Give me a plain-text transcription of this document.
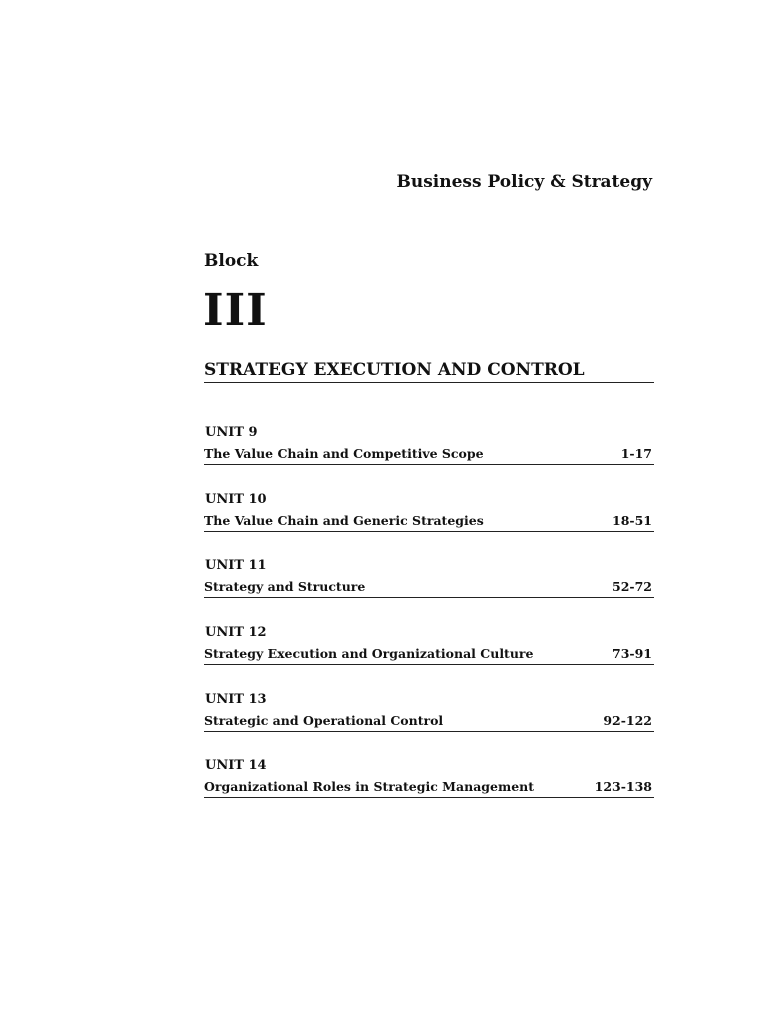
Business Policy & Strategy
Block
III
STRATEGY EXECUTION AND CONTROL
UNIT 9
The Value Chain and Competitive Scope	1-17
UNIT 10
The Value Chain and Generic Strategies	18-51
UNIT 11
Strategy and Structure	52-72
UNIT 12
Strategy Execution and Organizational Culture	73-91
UNIT 13
Strategic and Operational Control	92-122
UNIT 14
Organizational Roles in Strategic Management	123-138
